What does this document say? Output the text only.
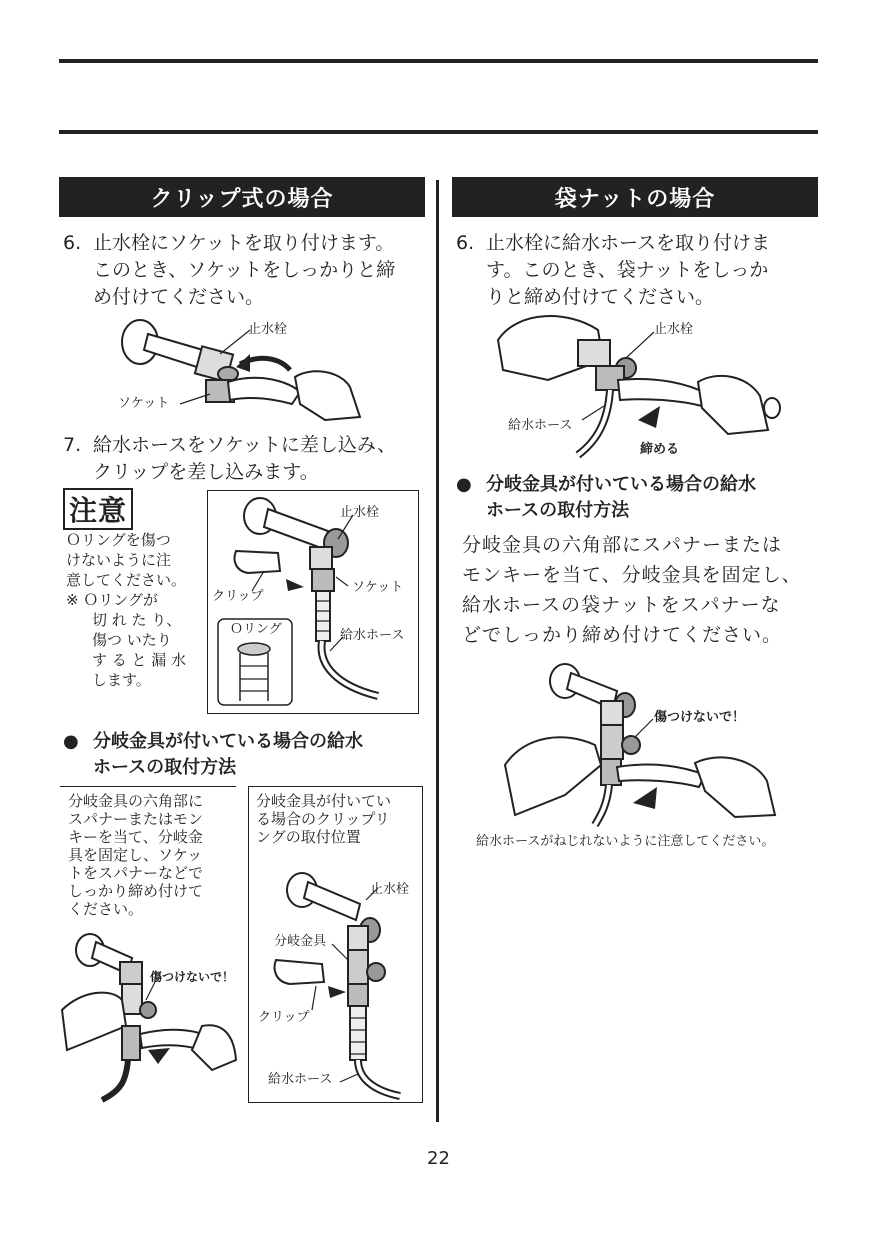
クリップ式の場合
6. 止水栓にソケットを取り付けます。
このとき、ソケットをしっかりと締
め付けてください。
止水栓
ソケット
7. 給水ホースをソケットに差し込み、
クリップを差し込みます。
注意
Ｏリングを傷つ
けないように注
意してください。
※ Ｏリングが
切 れ た り、
傷つ いたり
す る と 漏 水
します。
止水栓
ソケット
クリップ
Ｏリング	給水ホース
● 分岐金具が付いている場合の給水
ホースの取付方法
分岐金具の六角部に
スパナーまたはモン
キーを当て、分岐金
具を固定し、ソケッ
トをスパナーなどで
しっかり締め付けて
ください。
傷つけないで！
分岐金具が付いてい
る場合のクリップリ
ングの取付位置
止水栓
分岐金具
クリップ
給水ホース
袋ナットの場合
6. 止水栓に給水ホースを取り付けま
す。このとき、袋ナットをしっか
りと締め付けてください。
止水栓
給水ホース
締める
● 分岐金具が付いている場合の給水
ホースの取付方法
分岐金具の六角部にスパナーまたは
モンキーを当て、分岐金具を固定し、
給水ホースの袋ナットをスパナーな
どでしっかり締め付けてください。
傷つけないで！
給水ホースがねじれないように注意してください。
22
